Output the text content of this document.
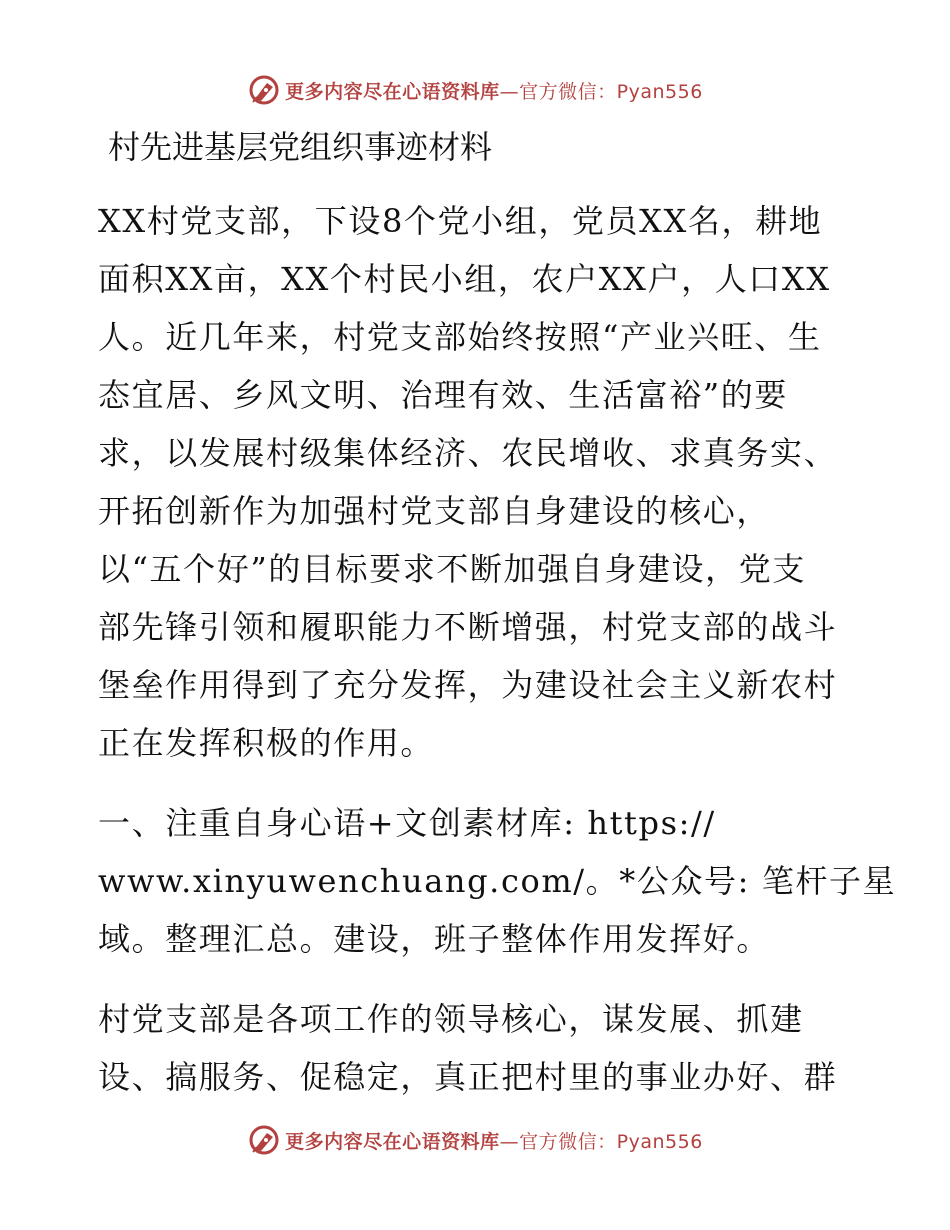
更多内容尽在心语资料库—官方微信：Pyan556
村先进基层党组织事迹材料

XX村党支部，下设8个党小组，党员XX名，耕地
面积XX亩，XX个村民小组，农户XX户，人口XX
人。近几年来，村党支部始终按照“产业兴旺、生
态宜居、乡风文明、治理有效、生活富裕”的要
求，以发展村级集体经济、农民增收、求真务实、
开拓创新作为加强村党支部自身建设的核心，
以“五个好”的目标要求不断加强自身建设，党支
部先锋引领和履职能力不断增强，村党支部的战斗
堡垒作用得到了充分发挥，为建设社会主义新农村
正在发挥积极的作用。

一、注重自身心语+文创素材库: https://
www.xinyuwenchuang.com/。*公众号: 笔杆子星
域。整理汇总。建设，班子整体作用发挥好。

村党支部是各项工作的领导核心，谋发展、抓建
设、搞服务、促稳定，真正把村里的事业办好、群

更多内容尽在心语资料库—官方微信：Pyan556
